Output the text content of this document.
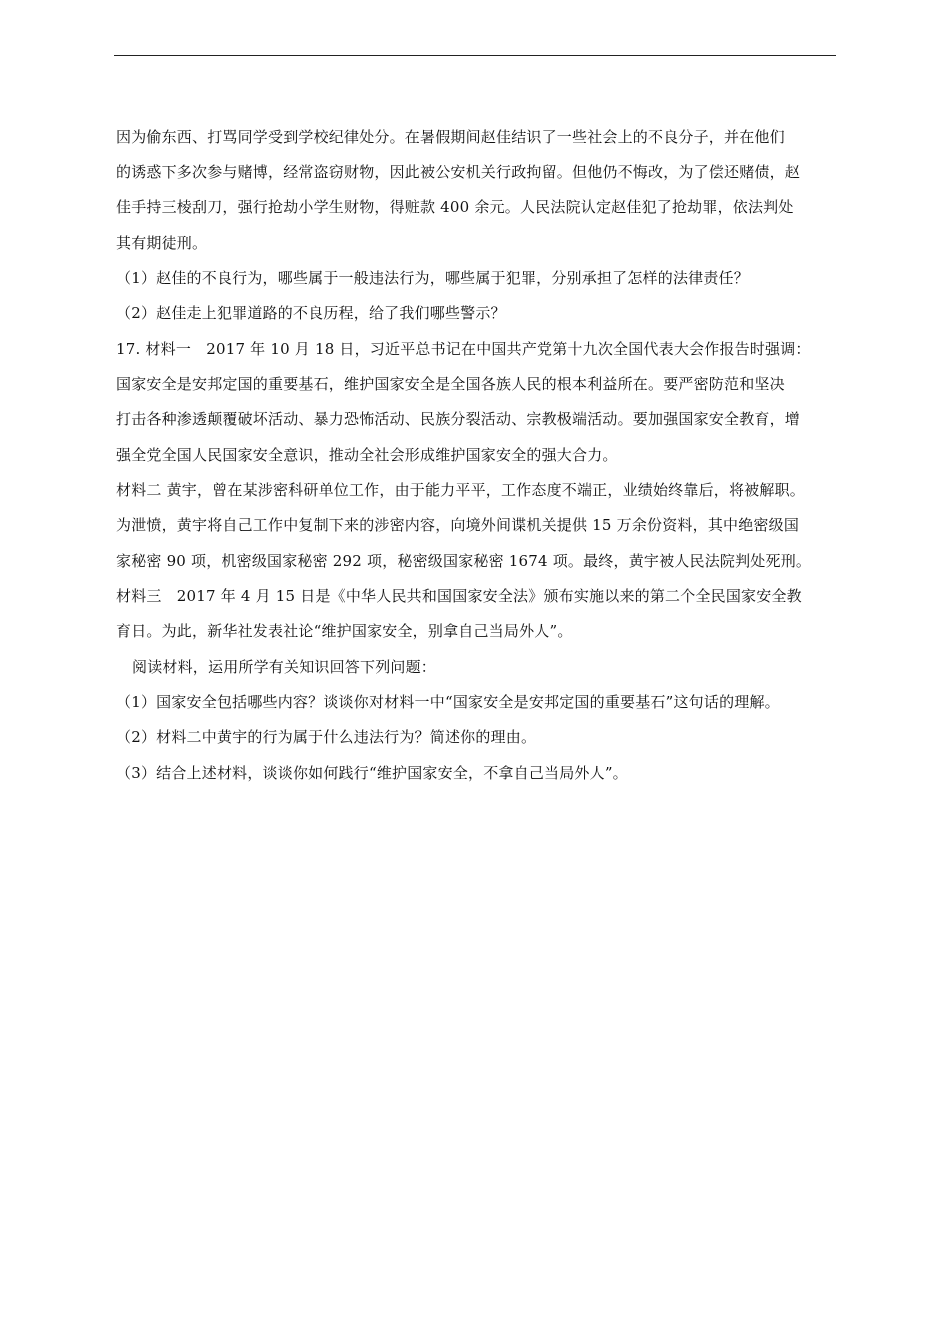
因为偷东西、打骂同学受到学校纪律处分。在暑假期间赵佳结识了一些社会上的不良分子，并在他们
的诱惑下多次参与赌博，经常盗窃财物，因此被公安机关行政拘留。但他仍不悔改，为了偿还赌债，赵
佳手持三棱刮刀，强行抢劫小学生财物，得赃款 400 余元。人民法院认定赵佳犯了抢劫罪，依法判处
其有期徒刑。
（1）赵佳的不良行为，哪些属于一般违法行为，哪些属于犯罪，分别承担了怎样的法律责任？
（2）赵佳走上犯罪道路的不良历程，给了我们哪些警示？
17. 材料一　2017 年 10 月 18 日，习近平总书记在中国共产党第十九次全国代表大会作报告时强调：
国家安全是安邦定国的重要基石，维护国家安全是全国各族人民的根本利益所在。要严密防范和坚决
打击各种渗透颠覆破坏活动、暴力恐怖活动、民族分裂活动、宗教极端活动。要加强国家安全教育，增
强全党全国人民国家安全意识，推动全社会形成维护国家安全的强大合力。
材料二 黄宇，曾在某涉密科研单位工作，由于能力平平，工作态度不端正，业绩始终靠后，将被解职。
为泄愤，黄宇将自己工作中复制下来的涉密内容，向境外间谍机关提供 15 万余份资料，其中绝密级国
家秘密 90 项，机密级国家秘密 292 项，秘密级国家秘密 1674 项。最终，黄宇被人民法院判处死刑。
材料三　2017 年 4 月 15 日是《中华人民共和国国家安全法》颁布实施以来的第二个全民国家安全教
育日。为此，新华社发表社论“维护国家安全，别拿自己当局外人”。
阅读材料，运用所学有关知识回答下列问题：
（1）国家安全包括哪些内容？谈谈你对材料一中“国家安全是安邦定国的重要基石”这句话的理解。
（2）材料二中黄宇的行为属于什么违法行为？简述你的理由。
（3）结合上述材料，谈谈你如何践行“维护国家安全，不拿自己当局外人”。
